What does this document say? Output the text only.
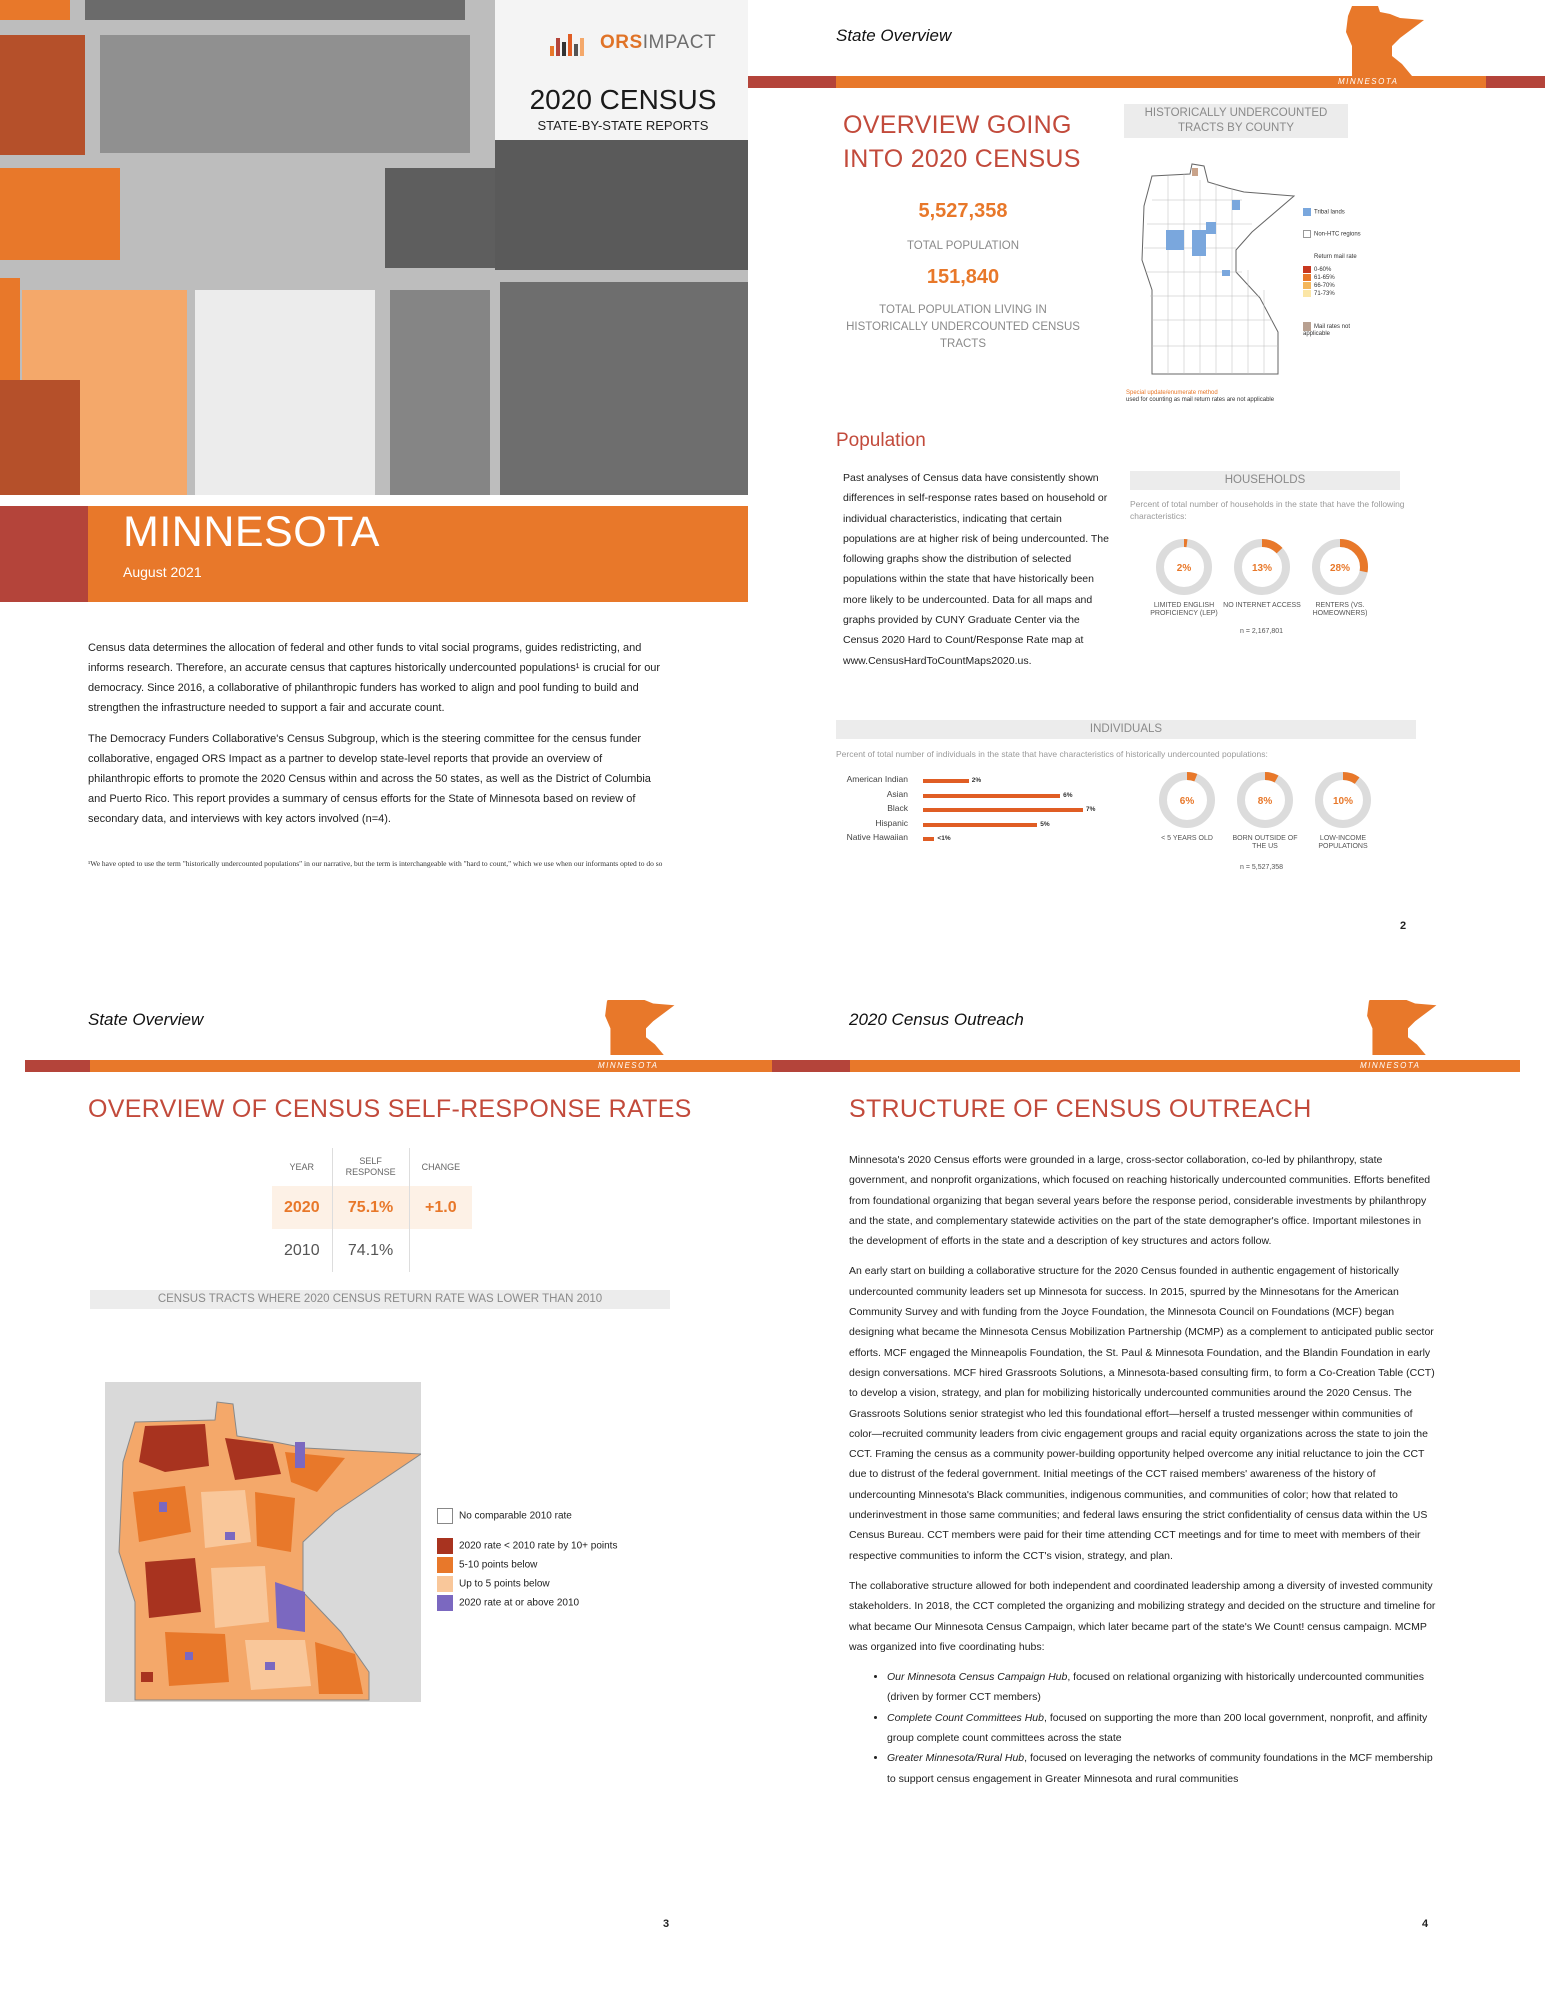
ORSIMPACT
2020 CENSUS
STATE-BY-STATE REPORTS
MINNESOTA
August 2021

Census data determines the allocation of federal and other funds to vital social programs, guides redistricting, and informs research. Therefore, an accurate census that captures historically undercounted populations¹ is crucial for our democracy. Since 2016, a collaborative of philanthropic funders has worked to align and pool funding to build and strengthen the infrastructure needed to support a fair and accurate count.

The Democracy Funders Collaborative's Census Subgroup, which is the steering committee for the census funder collaborative, engaged ORS Impact as a partner to develop state-level reports that provide an overview of philanthropic efforts to promote the 2020 Census within and across the 50 states, as well as the District of Columbia and Puerto Rico. This report provides a summary of census efforts for the State of Minnesota based on review of secondary data, and interviews with key actors involved (n=4).

¹We have opted to use the term "historically undercounted populations" in our narrative, but the term is interchangeable with "hard to count," which we use when our informants opted to do so
State Overview
MINNESOTA
OVERVIEW GOING INTO 2020 CENSUS
5,527,358
TOTAL POPULATION
151,840
TOTAL POPULATION LIVING IN HISTORICALLY UNDERCOUNTED CENSUS TRACTS
HISTORICALLY UNDERCOUNTED TRACTS BY COUNTY
Tribal lands
Non-HTC regions
Return mail rate
0-60%
61-65%
66-70%
71-73%
Mail rates not applicable
Special update/enumerate method
used for counting as mail return rates are not applicable
Population
Past analyses of Census data have consistently shown differences in self-response rates based on household or individual characteristics, indicating that certain populations are at higher risk of being undercounted. The following graphs show the distribution of selected populations within the state that have historically been more likely to be undercounted. Data for all maps and graphs provided by CUNY Graduate Center via the Census 2020 Hard to Count/Response Rate map at www.CensusHardToCountMaps2020.us.
HOUSEHOLDS
Percent of total number of households in the state that have the following characteristics:
2%
LIMITED ENGLISH PROFICIENCY (LEP)
13%
NO INTERNET ACCESS
28%
RENTERS (VS. HOMEOWNERS)
n = 2,167,801
INDIVIDUALS
Percent of total number of individuals in the state that have characteristics of historically undercounted populations:
American Indian	2%
Asian	6%
Black	7%
Hispanic	5%
Native Hawaiian	<1%
6%
< 5 YEARS OLD
8%
BORN OUTSIDE OF THE US
10%
LOW-INCOME POPULATIONS
n = 5,527,358
2
State Overview
MINNESOTA
OVERVIEW OF CENSUS SELF-RESPONSE RATES
YEAR	SELF RESPONSE	CHANGE
2020	75.1%	+1.0
2010	74.1%	
CENSUS TRACTS WHERE 2020 CENSUS RETURN RATE WAS LOWER THAN 2010
No comparable 2010 rate
2020 rate < 2010 rate by 10+ points
5-10 points below
Up to 5 points below
2020 rate at or above 2010
3
2020 Census Outreach
MINNESOTA
STRUCTURE OF CENSUS OUTREACH

Minnesota's 2020 Census efforts were grounded in a large, cross-sector collaboration, co-led by philanthropy, state government, and nonprofit organizations, which focused on reaching historically undercounted communities. Efforts benefited from foundational organizing that began several years before the response period, considerable investments by philanthropy and the state, and complementary statewide activities on the part of the state demographer's office. Important milestones in the development of efforts in the state and a description of key structures and actors follow.

An early start on building a collaborative structure for the 2020 Census founded in authentic engagement of historically undercounted community leaders set up Minnesota for success. In 2015, spurred by the Minnesotans for the American Community Survey and with funding from the Joyce Foundation, the Minnesota Council on Foundations (MCF) began designing what became the Minnesota Census Mobilization Partnership (MCMP) as a complement to anticipated public sector efforts. MCF engaged the Minneapolis Foundation, the St. Paul & Minnesota Foundation, and the Blandin Foundation in early design conversations. MCF hired Grassroots Solutions, a Minnesota-based consulting firm, to form a Co-Creation Table (CCT) to develop a vision, strategy, and plan for mobilizing historically undercounted communities around the 2020 Census. The Grassroots Solutions senior strategist who led this foundational effort—herself a trusted messenger within communities of color—recruited community leaders from civic engagement groups and racial equity organizations across the state to join the CCT. Framing the census as a community power-building opportunity helped overcome any initial reluctance to join the CCT due to distrust of the federal government. Initial meetings of the CCT raised members' awareness of the history of undercounting Minnesota's Black communities, indigenous communities, and communities of color; how that related to underinvestment in those same communities; and federal laws ensuring the strict confidentiality of census data within the US Census Bureau. CCT members were paid for their time attending CCT meetings and for time to meet with members of their respective communities to inform the CCT's vision, strategy, and plan.

The collaborative structure allowed for both independent and coordinated leadership among a diversity of invested community stakeholders. In 2018, the CCT completed the organizing and mobilizing strategy and decided on the structure and timeline for what became Our Minnesota Census Campaign, which later became part of the state's We Count! census campaign. MCMP was organized into five coordinating hubs:

• Our Minnesota Census Campaign Hub, focused on relational organizing with historically undercounted communities (driven by former CCT members)
• Complete Count Committees Hub, focused on supporting the more than 200 local government, nonprofit, and affinity group complete count committees across the state
• Greater Minnesota/Rural Hub, focused on leveraging the networks of community foundations in the MCF membership to support census engagement in Greater Minnesota and rural communities
4
